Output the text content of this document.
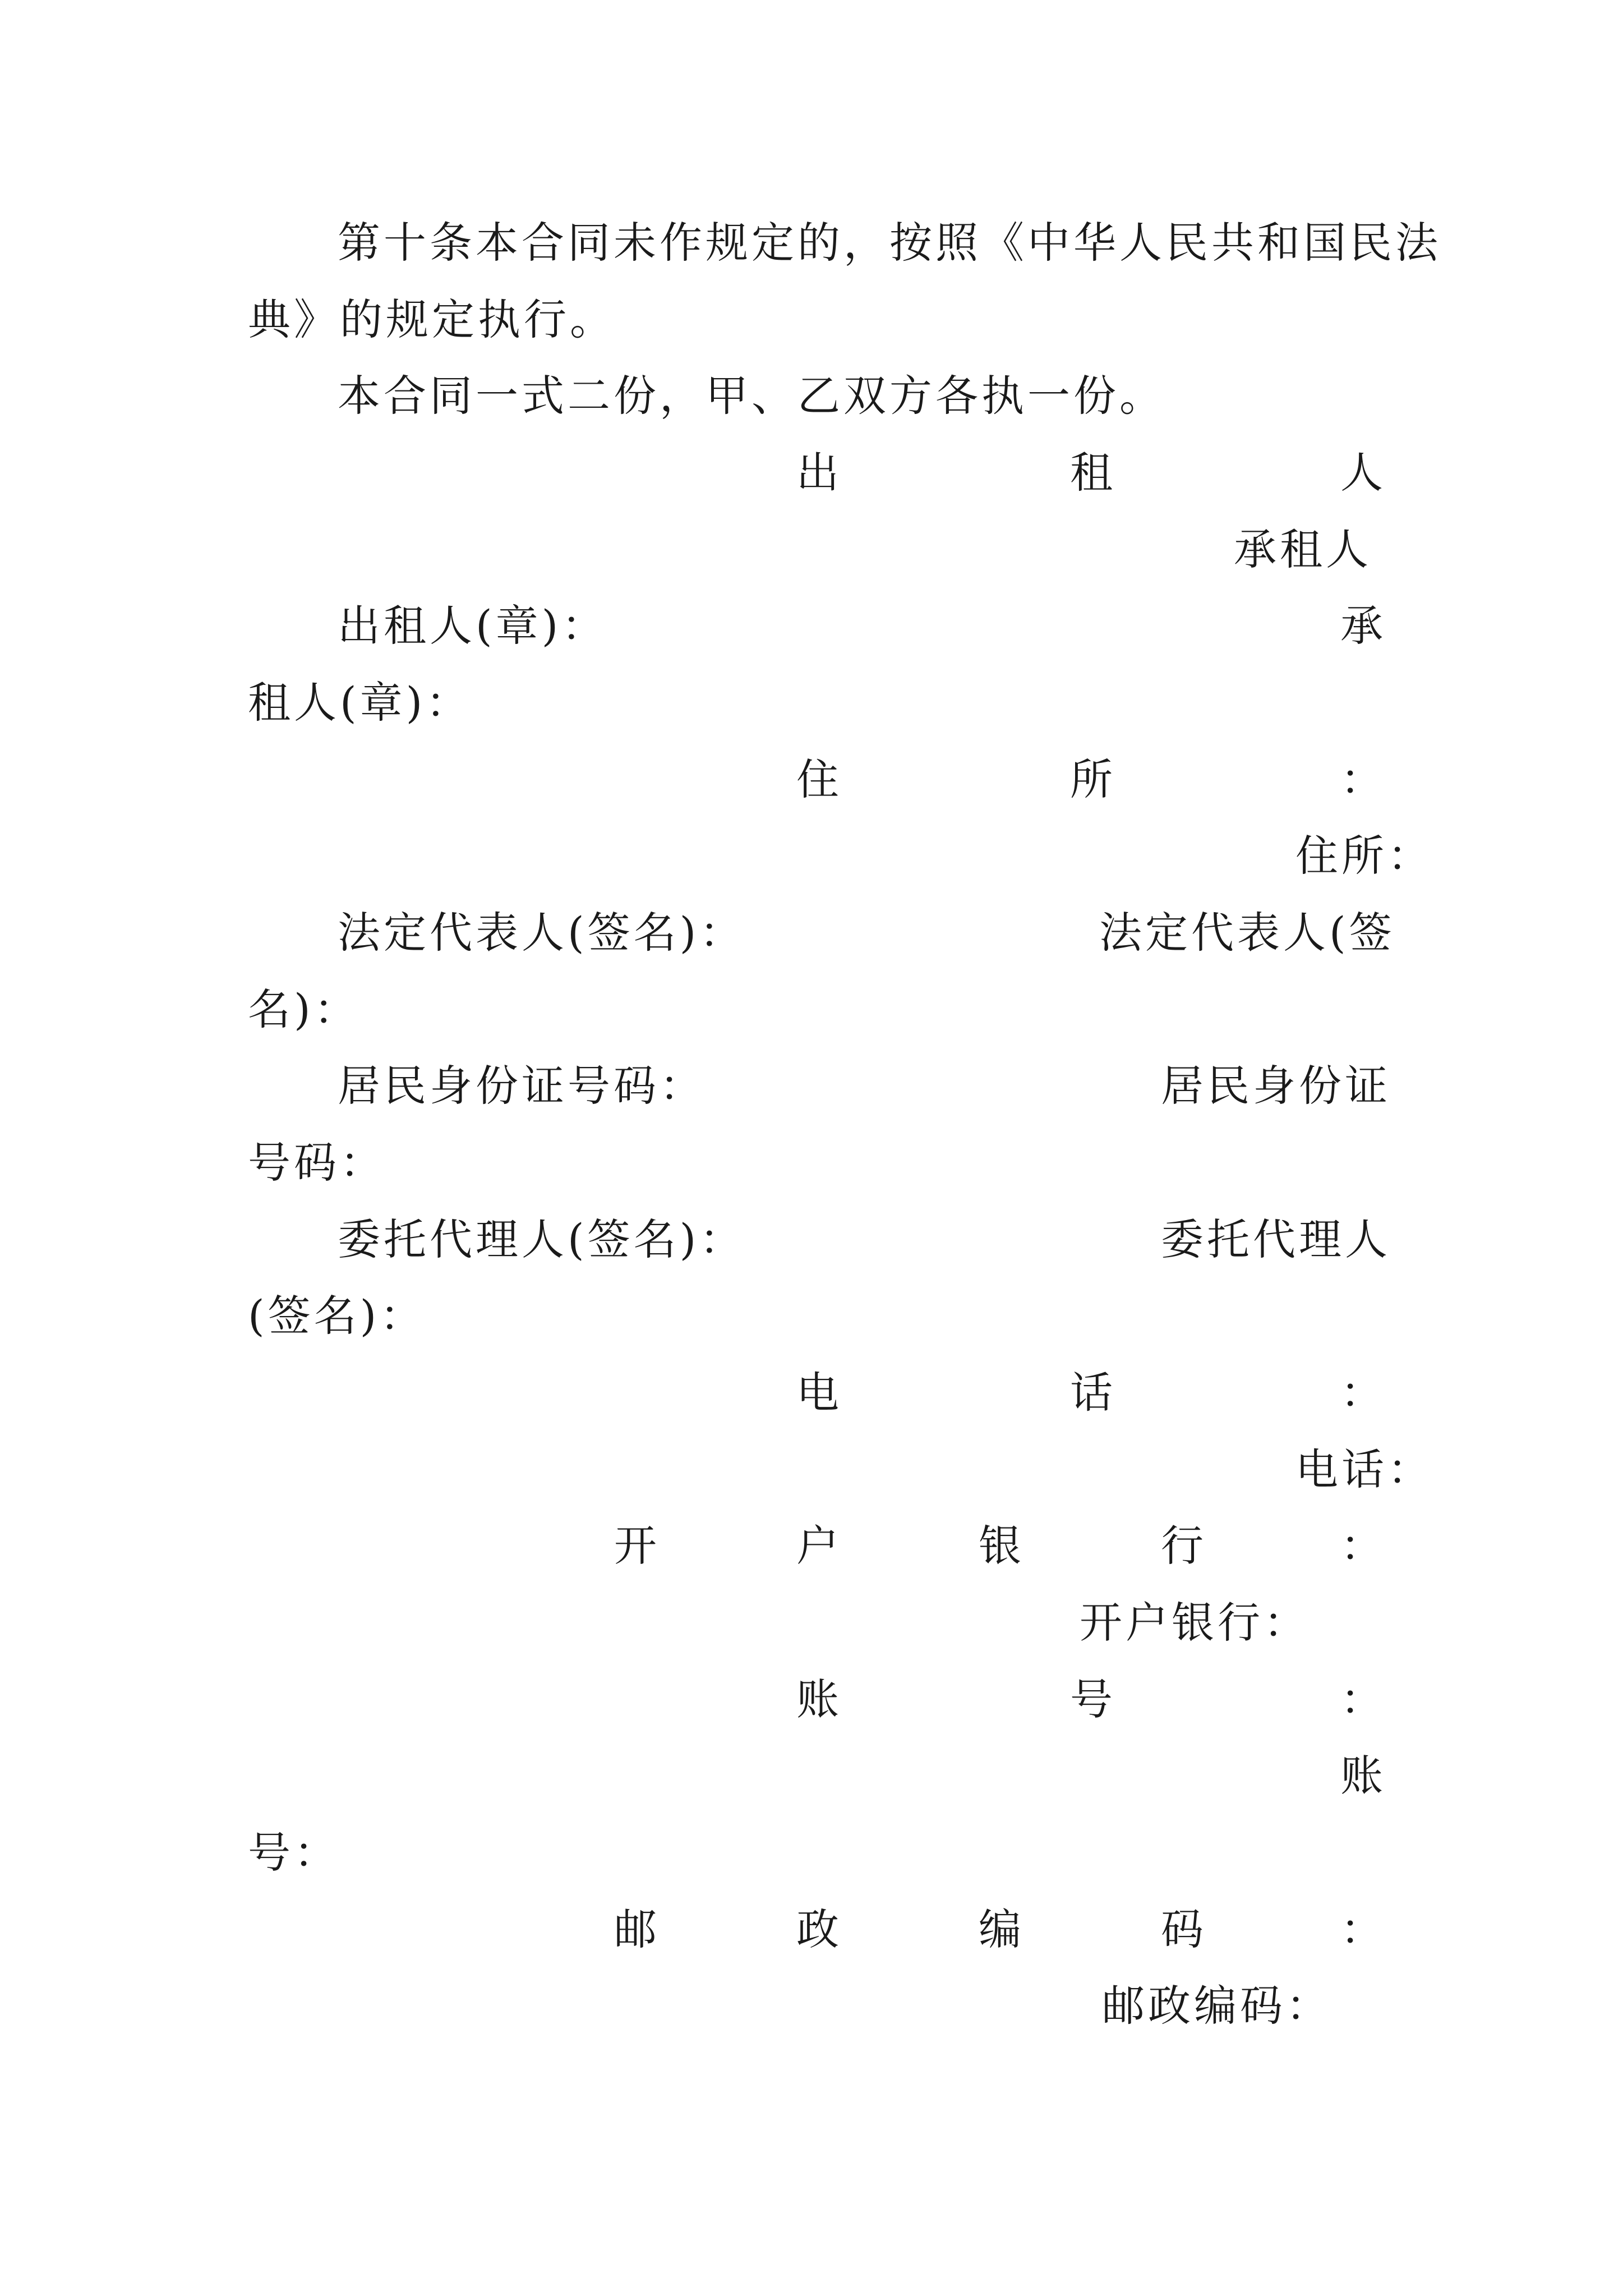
第十条本合同未作规定的，按照《中华人民共和国民法
典》的规定执行。
本合同一式二份，甲、乙双方各执一份。
出	租	人
承租人
出租人(章)：	承
租人(章)：
住	所	：
住所：
法定代表人(签名)：	法定代表人(签
名)：
居民身份证号码：	居民身份证
号码：
委托代理人(签名)：	委托代理人
(签名)：
电	话	：
电话：
开	户	银	行	：
开户银行：
账	号	：
账
号：
邮	政	编	码	：
邮政编码：
